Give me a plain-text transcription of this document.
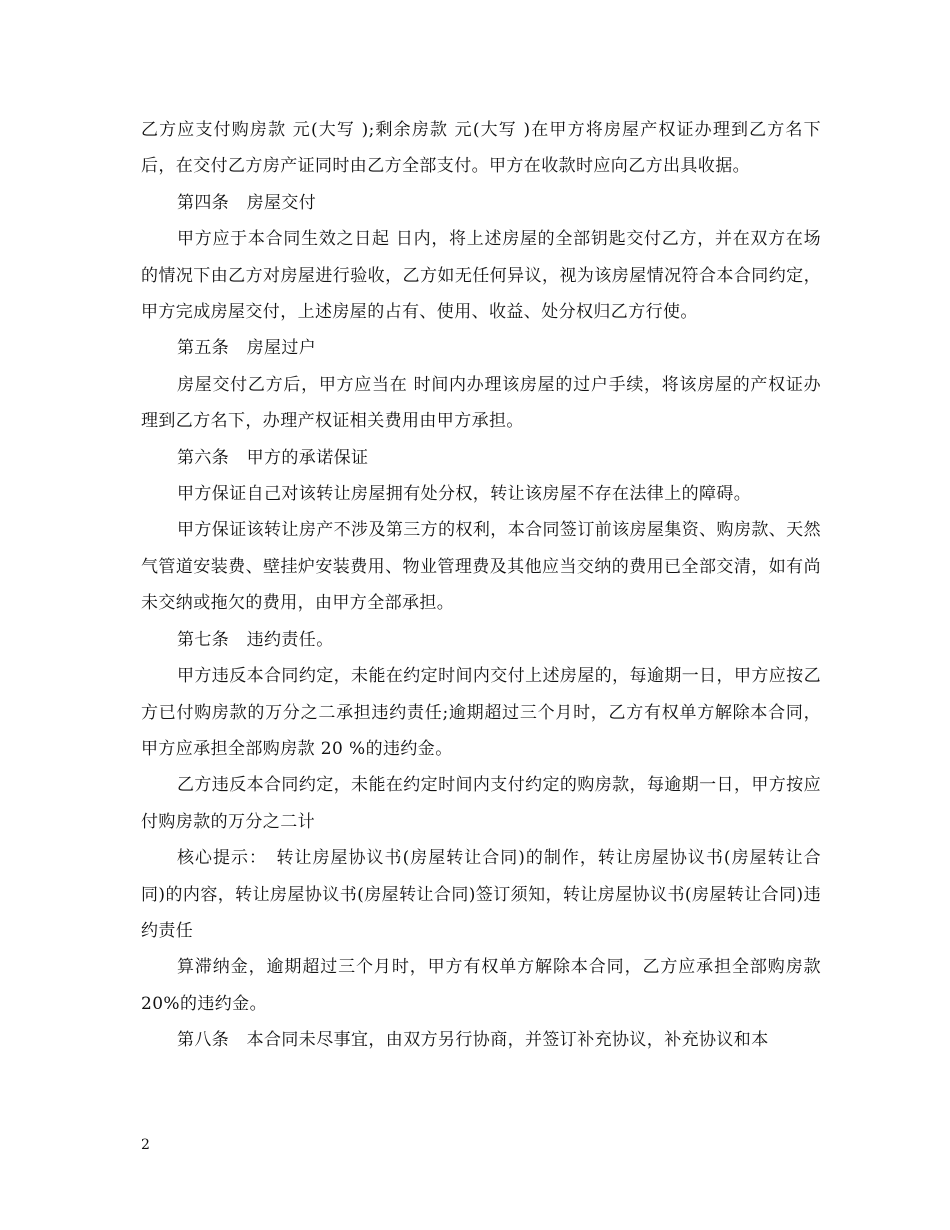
乙方应支付购房款 元(大写 );剩余房款 元(大写 )在甲方将房屋产权证办理到乙方名下后，在交付乙方房产证同时由乙方全部支付。甲方在收款时应向乙方出具收据。

第四条　房屋交付

甲方应于本合同生效之日起 日内，将上述房屋的全部钥匙交付乙方，并在双方在场的情况下由乙方对房屋进行验收，乙方如无任何异议，视为该房屋情况符合本合同约定，甲方完成房屋交付，上述房屋的占有、使用、收益、处分权归乙方行使。

第五条　房屋过户

房屋交付乙方后，甲方应当在 时间内办理该房屋的过户手续，将该房屋的产权证办理到乙方名下，办理产权证相关费用由甲方承担。

第六条　甲方的承诺保证

甲方保证自己对该转让房屋拥有处分权，转让该房屋不存在法律上的障碍。

甲方保证该转让房产不涉及第三方的权利，本合同签订前该房屋集资、购房款、天然气管道安装费、壁挂炉安装费用、物业管理费及其他应当交纳的费用已全部交清，如有尚未交纳或拖欠的费用，由甲方全部承担。

第七条　违约责任。

甲方违反本合同约定，未能在约定时间内交付上述房屋的，每逾期一日，甲方应按乙方已付购房款的万分之二承担违约责任;逾期超过三个月时，乙方有权单方解除本合同，甲方应承担全部购房款 20 %的违约金。

乙方违反本合同约定，未能在约定时间内支付约定的购房款，每逾期一日，甲方按应付购房款的万分之二计

核心提示：　转让房屋协议书(房屋转让合同)的制作，转让房屋协议书(房屋转让合同)的内容，转让房屋协议书(房屋转让合同)签订须知，转让房屋协议书(房屋转让合同)违约责任

算滞纳金，逾期超过三个月时，甲方有权单方解除本合同，乙方应承担全部购房款 20%的违约金。

第八条　本合同未尽事宜，由双方另行协商，并签订补充协议，补充协议和本

2
